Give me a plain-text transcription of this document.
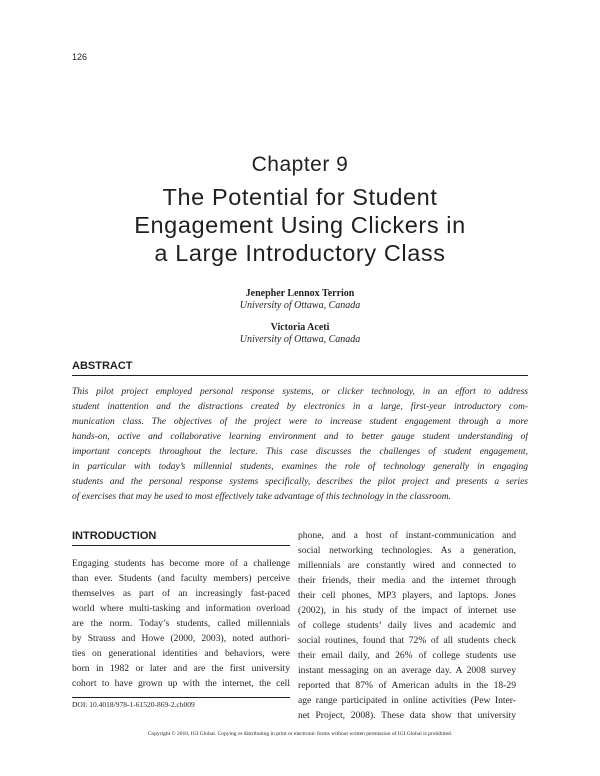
126
Chapter 9
The Potential for Student
Engagement Using Clickers in
a Large Introductory Class
Jenepher Lennox Terrion
University of Ottawa, Canada
Victoria Aceti
University of Ottawa, Canada
ABSTRACT
This pilot project employed personal response systems, or clicker technology, in an effort to address
student inattention and the distractions created by electronics in a large, first-year introductory com-
munication class. The objectives of the project were to increase student engagement through a more
hands-on, active and collaborative learning environment and to better gauge student understanding of
important concepts throughout the lecture. This case discusses the challenges of student engagement,
in particular with today’s millennial students, examines the role of technology generally in engaging
students and the personal response systems specifically, describes the pilot project and presents a series
of exercises that may be used to most effectively take advantage of this technology in the classroom.
INTRODUCTION
Engaging students has become more of a challenge
than ever. Students (and faculty members) perceive
themselves as part of an increasingly fast-paced
world where multi-tasking and information overload
are the norm. Today’s students, called millennials
by Strauss and Howe (2000, 2003), noted authori-
ties on generational identities and behaviors, were
born in 1982 or later and are the first university
cohort to have grown up with the internet, the cell
phone, and a host of instant-communication and
social networking technologies. As a generation,
millennials are constantly wired and connected to
their friends, their media and the internet through
their cell phones, MP3 players, and laptops. Jones
(2002), in his study of the impact of internet use
of college students’ daily lives and academic and
social routines, found that 72% of all students check
their email daily, and 26% of college students use
instant messaging on an average day. A 2008 survey
reported that 87% of American adults in the 18-29
age range participated in online activities (Pew Inter-
net Project, 2008). These data show that university
DOI: 10.4018/978-1-61520-869-2.ch009
Copyright © 2010, IGI Global. Copying or distributing in print or electronic forms without written permission of IGI Global is prohibited.
